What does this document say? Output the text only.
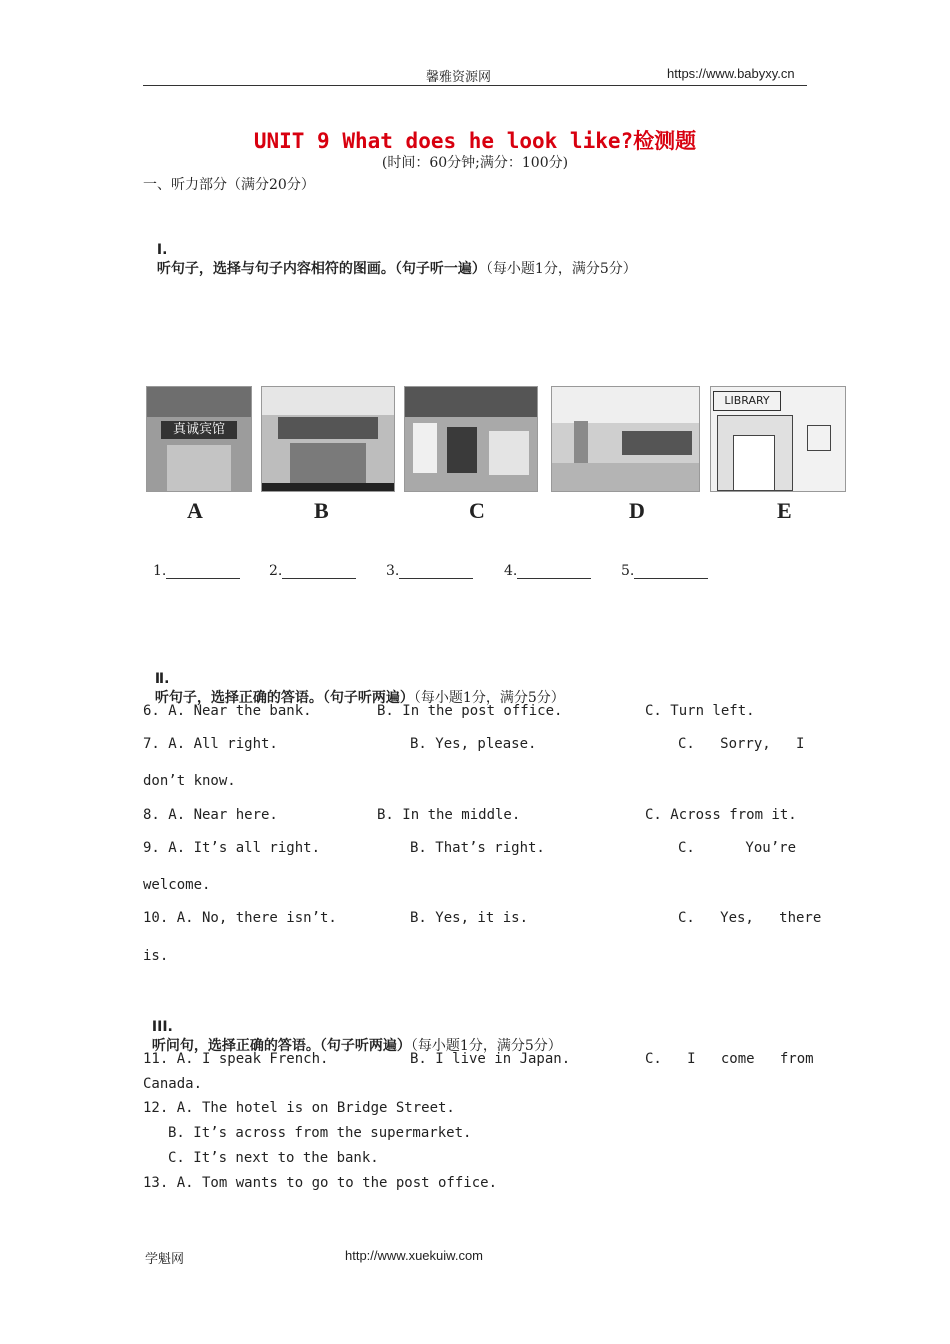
馨雅资源网	https://www.babyxy.cn
UNIT 9 What does he look like?检测题
(时间：60分钟;满分：100分)
一、听力部分（满分20分）

Ⅰ.
听句子，选择与句子内容相符的图画。（句子听一遍）（每小题1分，满分5分）

真诚宾馆
LIBRARY
A	B	C	D	E
1.	2.	3.	4.	5.

Ⅱ.
听句子，选择正确的答语。（句子听两遍）（每小题1分，满分5分）

6. A. Near the bank.	B. In the post office.	C. Turn left.
7. A. All right.	B. Yes, please.	C.   Sorry,   I
don’t know.
8. A. Near here.	B. In the middle.	C. Across from it.
9. A. It’s all right.	B. That’s right.	C.      You’re
welcome.
10. A. No, there isn’t.	B. Yes, it is.	C.   Yes,   there
is.

III.
听问句，选择正确的答语。（句子听两遍）（每小题1分，满分5分）

11. A. I speak French.	B. I live in Japan.	C.   I   come   from
Canada.
12. A. The hotel is on Bridge Street.
B. It’s across from the supermarket.
C. It’s next to the bank.
13. A. Tom wants to go to the post office.
学魁网	http://www.xuekuiw.com
